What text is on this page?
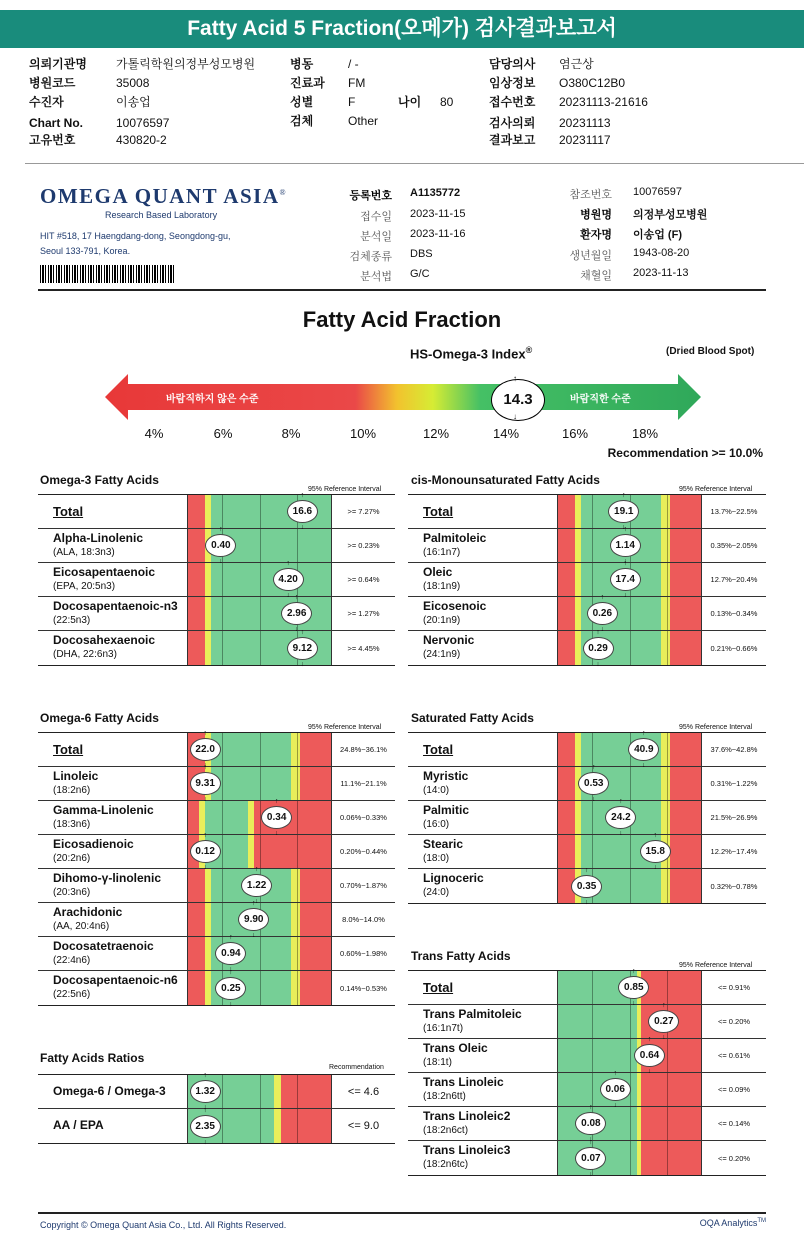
Fatty Acid 5 Fraction(오메가) 검사결과보고서
의뢰기관명 가톨릭학원의정부성모병원
병원코드	35008
수진자	이송업
Chart No.	10076597
고유번호	430820-2
병동	/ -
진료과 FM
성별	F	나이 80
검체	Other
담당의사 염근상
임상정보 O380C12B0
접수번호 20231113-21616
검사의뢰 20231113
결과보고 20231117
OMEGA QUANT ASIA®
Research Based Laboratory
HIT #518, 17 Haengdang-dong, Seongdong-gu,
Seoul 133-791, Korea.
등록번호 A1135772
접수일 2023-11-15
분석일 2023-11-16
검체종류 DBS
분석법 G/C
참조번호 10076597
병원명 의정부성모병원
환자명 이송업 (F)
생년월일 1943-08-20
채혈일 2023-11-13
Fatty Acid Fraction
HS-Omega-3 Index®	(Dried Blood Spot)
바람직하지 않은 수준	바람직한 수준
14.3
↑
↓
4%	6%	8%	10%	12%	14%	16%	18%
Recommendation >= 10.0%
Omega-3 Fatty Acids
95% Reference Interval
cis-Monounsaturated Fatty Acids
95% Reference Interval
Omega-6 Fatty Acids
95% Reference Interval
Saturated Fatty Acids
95% Reference Interval
Trans Fatty Acids
95% Reference Interval
Fatty Acids Ratios
Recommendation
Total	↑ 16.6 ↓	>= 7.27%
Alpha-Linolenic
(ALA, 18:3n3)
↑ 0.40 ↓	>= 0.23%
Eicosapentaenoic
(EPA, 20:5n3)
↑ 4.20 ↓	>= 0.64%
Docosapentaenoic-n3
(22:5n3)
↑ 2.96 ↓	>= 1.27%
Docosahexaenoic
(DHA, 22:6n3)
↑ 9.12 ↓	>= 4.45%
Total	↑ 19.1 ↓	13.7%~22.5%
Palmitoleic
(16:1n7)
↑ 1.14 ↓	0.35%~2.05%
Oleic
(18:1n9)
↑ 17.4 ↓	12.7%~20.4%
Eicosenoic
(20:1n9)
↑ 0.26 ↓	0.13%~0.34%
Nervonic
(24:1n9)
↑ 0.29 ↓	0.21%~0.66%
Total	↑ 22.0 ↓	24.8%~36.1%
Linoleic
(18:2n6)
↑ 9.31 ↓	11.1%~21.1%
Gamma-Linolenic
(18:3n6)
↑ 0.34 ↓	0.06%~0.33%
Eicosadienoic
(20:2n6)
↑ 0.12 ↓	0.20%~0.44%
Dihomo-γ-linolenic
(20:3n6)
↑ 1.22 ↓	0.70%~1.87%
Arachidonic
(AA, 20:4n6)
↑ 9.90 ↓	8.0%~14.0%
Docosatetraenoic
(22:4n6)
↑ 0.94 ↓	0.60%~1.98%
Docosapentaenoic-n6
(22:5n6)
↑ 0.25 ↓	0.14%~0.53%
Total	↑ 40.9 ↓	37.6%~42.8%
Myristic
(14:0)
↑ 0.53 ↓	0.31%~1.22%
Palmitic
(16:0)
↑ 24.2 ↓	21.5%~26.9%
Stearic
(18:0)
↑ 15.8 ↓	12.2%~17.4%
Lignoceric
(24:0)
↑ 0.35 ↓	0.32%~0.78%
Total	↑ 0.85 ↓	<= 0.91%
Trans Palmitoleic
(16:1n7t)
↑ 0.27 ↓	<= 0.20%
Trans Oleic
(18:1t)
↑ 0.64 ↓	<= 0.61%
Trans Linoleic
(18:2n6tt)
↑ 0.06 ↓	<= 0.09%
Trans Linoleic2
(18:2n6ct)
↑ 0.08 ↓	<= 0.14%
Trans Linoleic3
(18:2n6tc)
↑ 0.07 ↓	<= 0.20%
Omega-6 / Omega-3	↑ 1.32 ↓	<= 4.6
AA / EPA	↑ 2.35 ↓	<= 9.0
Copyright © Omega Quant Asia Co., Ltd. All Rights Reserved.	OQA Analytics™
